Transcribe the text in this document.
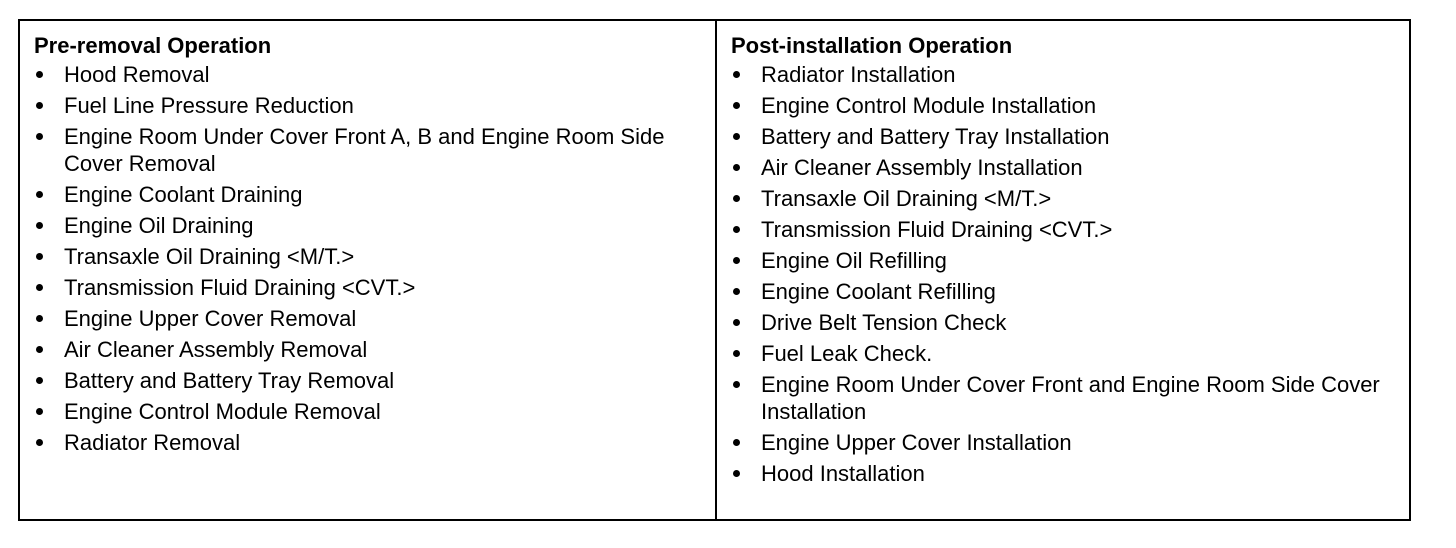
Pre-removal Operation
Hood Removal
Fuel Line Pressure Reduction
Engine Room Under Cover Front A, B and Engine Room Side Cover Removal
Engine Coolant Draining
Engine Oil Draining
Transaxle Oil Draining <M/T.>
Transmission Fluid Draining <CVT.>
Engine Upper Cover Removal
Air Cleaner Assembly Removal
Battery and Battery Tray Removal
Engine Control Module Removal
Radiator Removal
Post-installation Operation
Radiator Installation
Engine Control Module Installation
Battery and Battery Tray Installation
Air Cleaner Assembly Installation
Transaxle Oil Draining <M/T.>
Transmission Fluid Draining <CVT.>
Engine Oil Refilling
Engine Coolant Refilling
Drive Belt Tension Check
Fuel Leak Check.
Engine Room Under Cover Front and Engine Room Side Cover Installation
Engine Upper Cover Installation
Hood Installation
